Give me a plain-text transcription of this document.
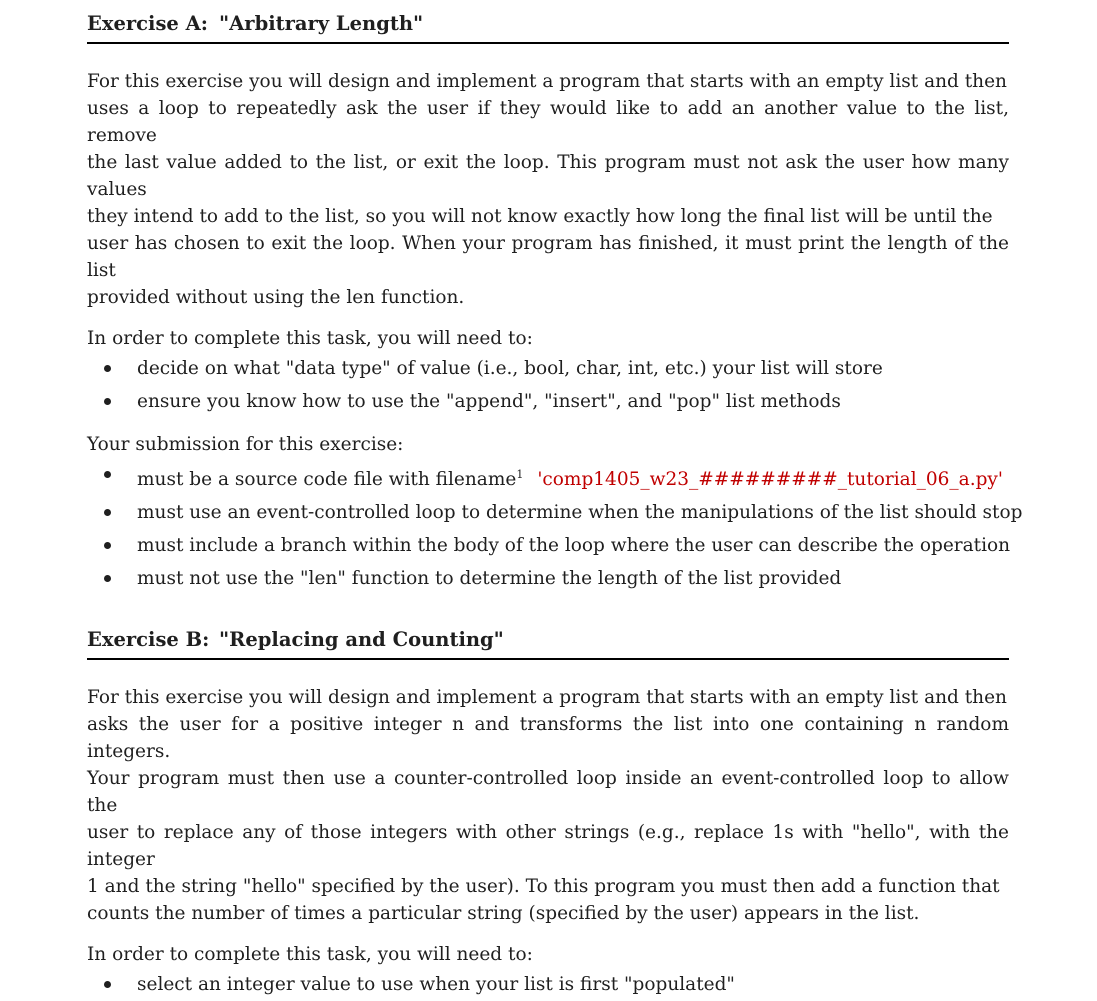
Exercise A: "Arbitrary Length"

For this exercise you will design and implement a program that starts with an empty list and then

uses a loop to repeatedly ask the user if they would like to add an another value to the list, remove

the last value added to the list, or exit the loop. This program must not ask the user how many values

they intend to add to the list, so you will not know exactly how long the final list will be until the

user has chosen to exit the loop. When your program has finished, it must print the length of the list

provided without using the len function.

In order to complete this task, you will need to:

decide on what "data type" of value (i.e., bool, char, int, etc.) your list will store
ensure you know how to use the "append", "insert", and "pop" list methods

Your submission for this exercise:

must be a source code file with filename$^1$ 'comp1405_w23_#########_tutorial_06_a.py'
must use an event-controlled loop to determine when the manipulations of the list should stop
must include a branch within the body of the loop where the user can describe the operation
must not use the "len" function to determine the length of the list provided
Exercise B: "Replacing and Counting"

For this exercise you will design and implement a program that starts with an empty list and then

asks the user for a positive integer n and transforms the list into one containing n random integers.

Your program must then use a counter-controlled loop inside an event-controlled loop to allow the

user to replace any of those integers with other strings (e.g., replace 1s with "hello", with the integer

1 and the string "hello" specified by the user). To this program you must then add a function that

counts the number of times a particular string (specified by the user) appears in the list.

In order to complete this task, you will need to:

select an integer value to use when your list is first "populated"
